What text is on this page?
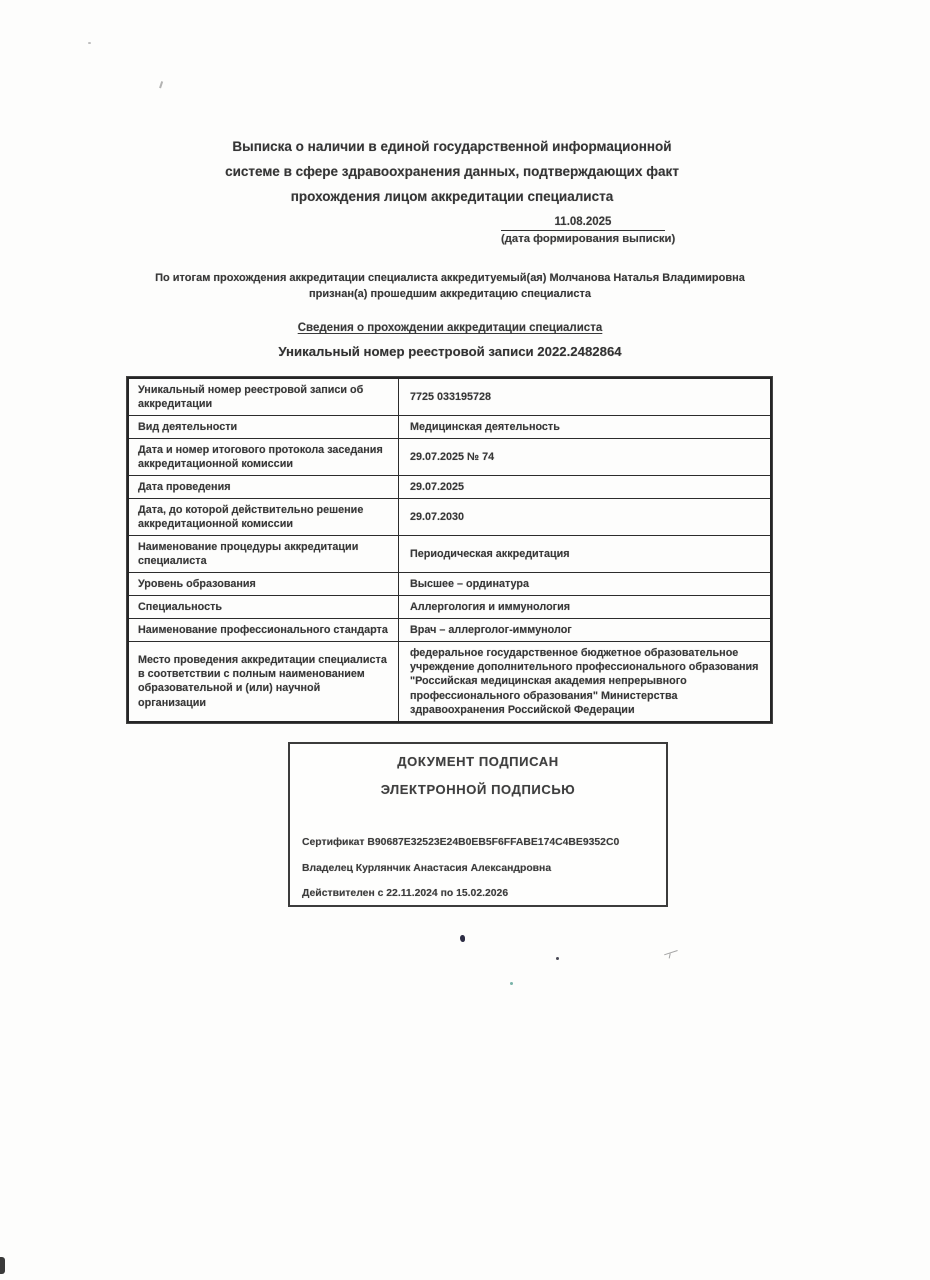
Выписка о наличии в единой государственной информационной
системе в сфере здравоохранения данных, подтверждающих факт
прохождения лицом аккредитации специалиста
11.08.2025
(дата формирования выписки)
По итогам прохождения аккредитации специалиста аккредитуемый(ая) Молчанова Наталья Владимировна
признан(а) прошедшим аккредитацию специалиста
Сведения о прохождении аккредитации специалиста
Уникальный номер реестровой записи 2022.2482864
Уникальный номер реестровой записи об аккредитации	7725 033195728
Вид деятельности	Медицинская деятельность
Дата и номер итогового протокола заседания аккредитационной комиссии	29.07.2025 № 74
Дата проведения	29.07.2025
Дата, до которой действительно решение аккредитационной комиссии	29.07.2030
Наименование процедуры аккредитации специалиста	Периодическая аккредитация
Уровень образования	Высшее – ординатура
Специальность	Аллергология и иммунология
Наименование профессионального стандарта	Врач – аллерголог-иммунолог
Место проведения аккредитации специалиста в соответствии с полным наименованием образовательной и (или) научной организации	федеральное государственное бюджетное образовательное учреждение дополнительного профессионального образования "Российская медицинская академия непрерывного профессионального образования" Министерства здравоохранения Российской Федерации
ДОКУМЕНТ ПОДПИСАН
ЭЛЕКТРОННОЙ ПОДПИСЬЮ
Сертификат B90687E32523E24B0EB5F6FFABE174C4BE9352C0
Владелец Курлянчик Анастасия Александровна
Действителен с 22.11.2024 по 15.02.2026
